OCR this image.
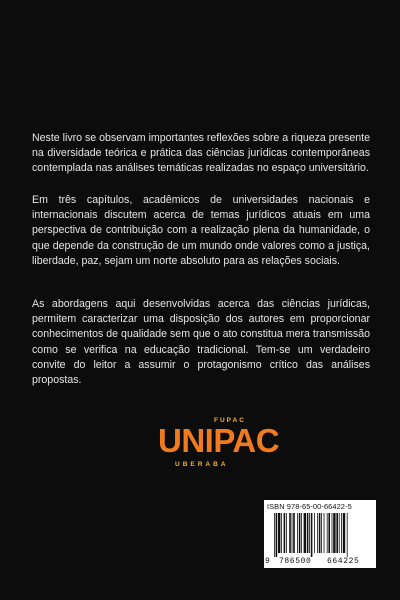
Neste livro se observam importantes reflexões sobre a riqueza presente na diversidade teórica e prática das ciências jurídicas contemporâneas contemplada nas análises temáticas realizadas no espaço universitário.
Em três capítulos, acadêmicos de universidades nacionais e internacionais discutem acerca de temas jurídicos atuais em uma perspectiva de contribuição com a realização plena da humanidade, o que depende da construção de um mundo onde valores como a justiça, liberdade, paz, sejam um norte absoluto para as relações sociais.
As abordagens aqui desenvolvidas acerca das ciências jurídicas, permitem caracterizar uma disposição dos autores em proporcionar conhecimentos de qualidade sem que o ato constitua mera transmissão como se verifica na educação tradicional. Tem-se um verdadeiro convite do leitor a assumir o protagonismo crítico das análises propostas.
FUPAC
UNIPAC
UBERABA
ISBN 978-65-00-66422-5
9 786500 664225
